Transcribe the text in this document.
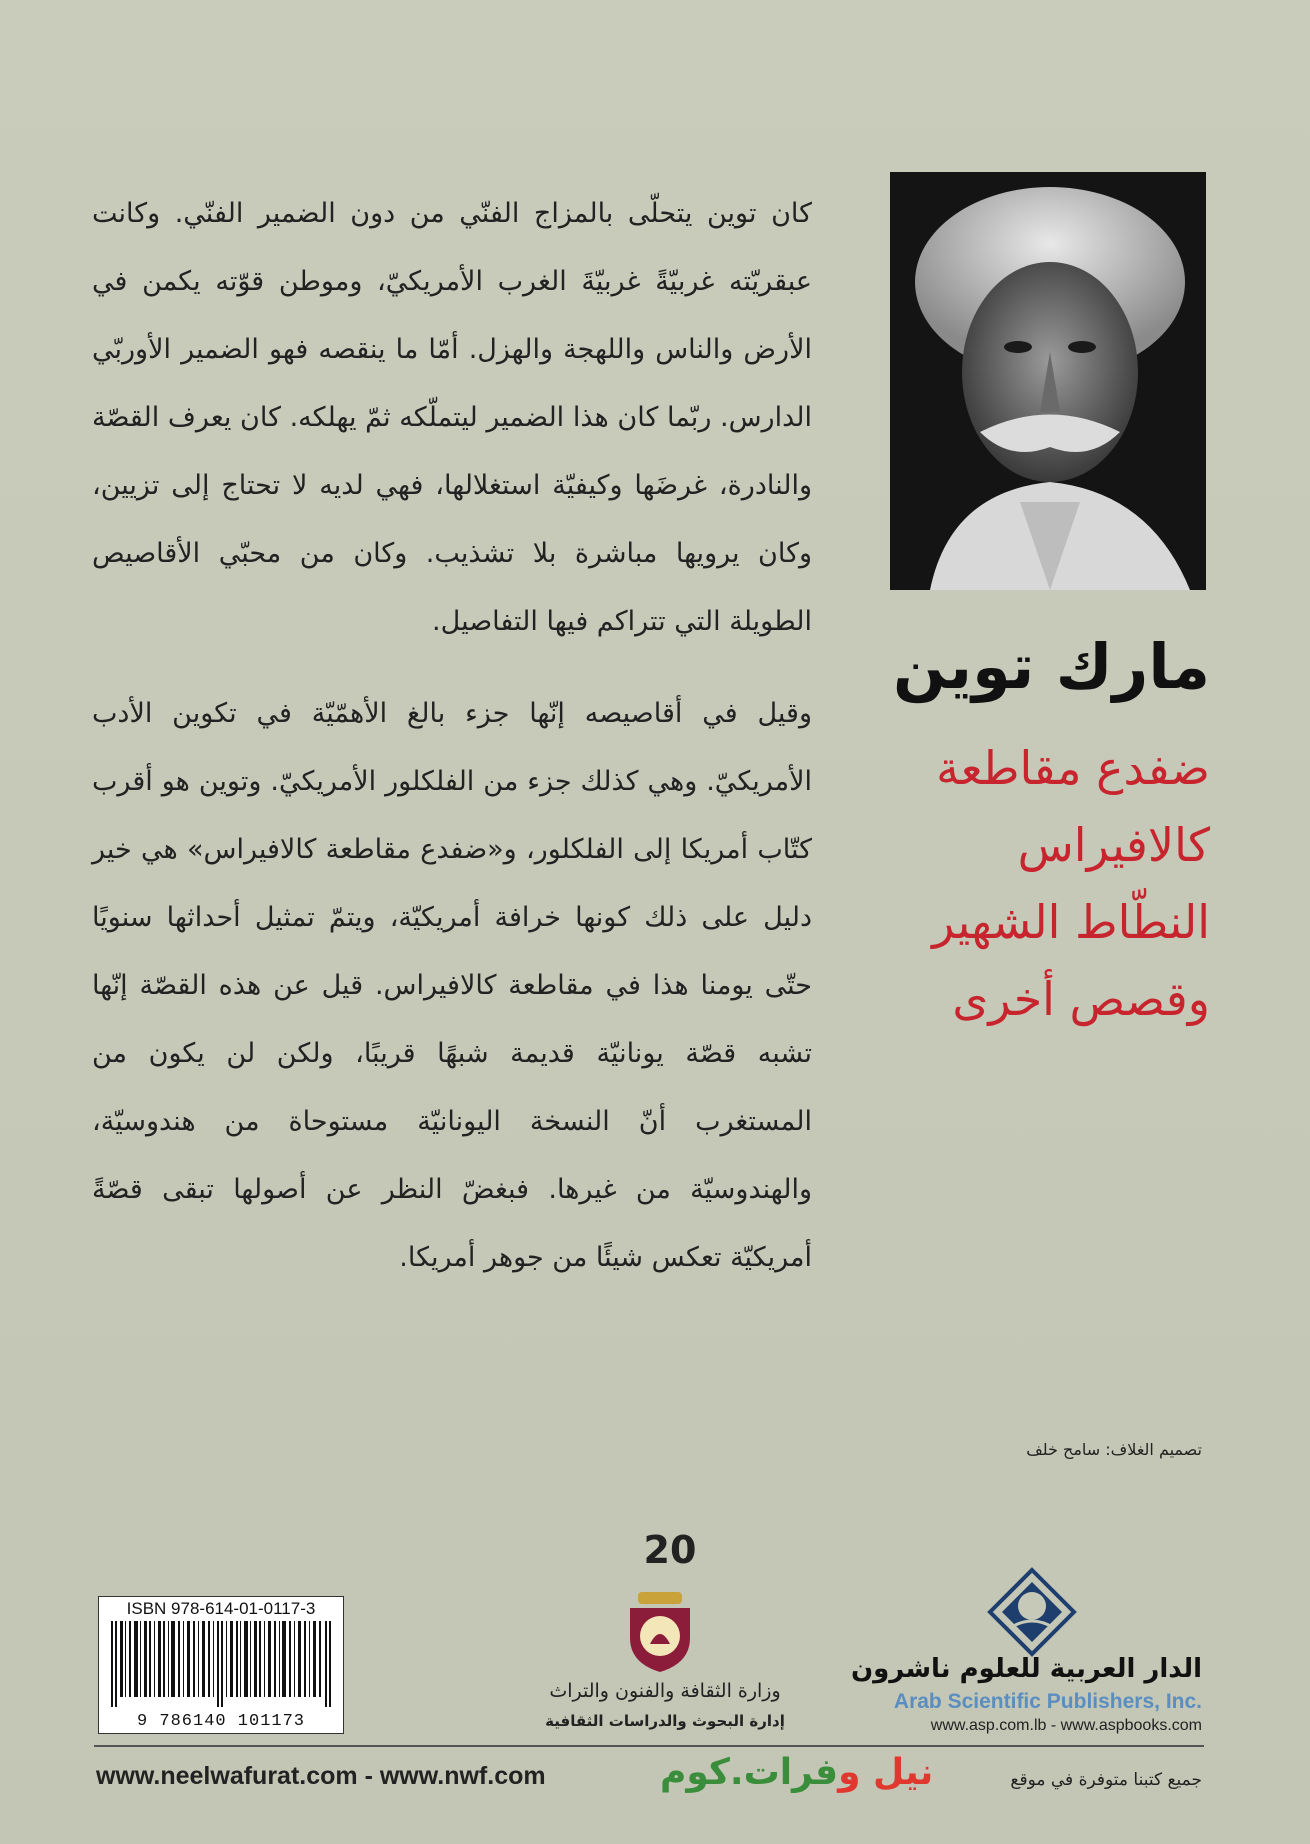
كان توين يتحلّى بالمزاج الفنّي من دون الضمير الفنّي. وكانت عبقريّته غربيّةً غربيّةَ الغرب الأمريكيّ، وموطن قوّته يكمن في الأرض والناس واللهجة والهزل. أمّا ما ينقصه فهو الضمير الأوربّي الدارس. ربّما كان هذا الضمير ليتملّكه ثمّ يهلكه. كان يعرف القصّة والنادرة، غرضَها وكيفيّة استغلالها، فهي لديه لا تحتاج إلى تزيين، وكان يرويها مباشرة بلا تشذيب. وكان من محبّي الأقاصيص الطويلة التي تتراكم فيها التفاصيل.

وقيل في أقاصيصه إنّها جزء بالغ الأهمّيّة في تكوين الأدب الأمريكيّ. وهي كذلك جزء من الفلكلور الأمريكيّ. وتوين هو أقرب كتّاب أمريكا إلى الفلكلور، و«ضفدع مقاطعة كالافيراس» هي خير دليل على ذلك كونها خرافة أمريكيّة، ويتمّ تمثيل أحداثها سنويًا حتّى يومنا هذا في مقاطعة كالافيراس. قيل عن هذه القصّة إنّها تشبه قصّة يونانيّة قديمة شبهًا قريبًا، ولكن لن يكون من المستغرب أنّ النسخة اليونانيّة مستوحاة من هندوسيّة، والهندوسيّة من غيرها. فبغضّ النظر عن أصولها تبقى قصّةً أمريكيّة تعكس شيئًا من جوهر أمريكا.

مارك توين
ضفدع مقاطعة
كالافيراس
النطّاط الشهير
وقصص أخرى
تصميم الغلاف: سامح خلف
20
ISBN 978-614-01-0117-3
9 786140 101173
وزارة الثقافة والفنون والتراث
إدارة البحوث والدراسات الثقافية
الدار العربية للعلوم ناشرون
Arab Scientific Publishers, Inc.
www.asp.com.lb - www.aspbooks.com
www.neelwafurat.com - www.nwf.com	نيل وفرات.كوم	جميع كتبنا متوفرة في موقع
